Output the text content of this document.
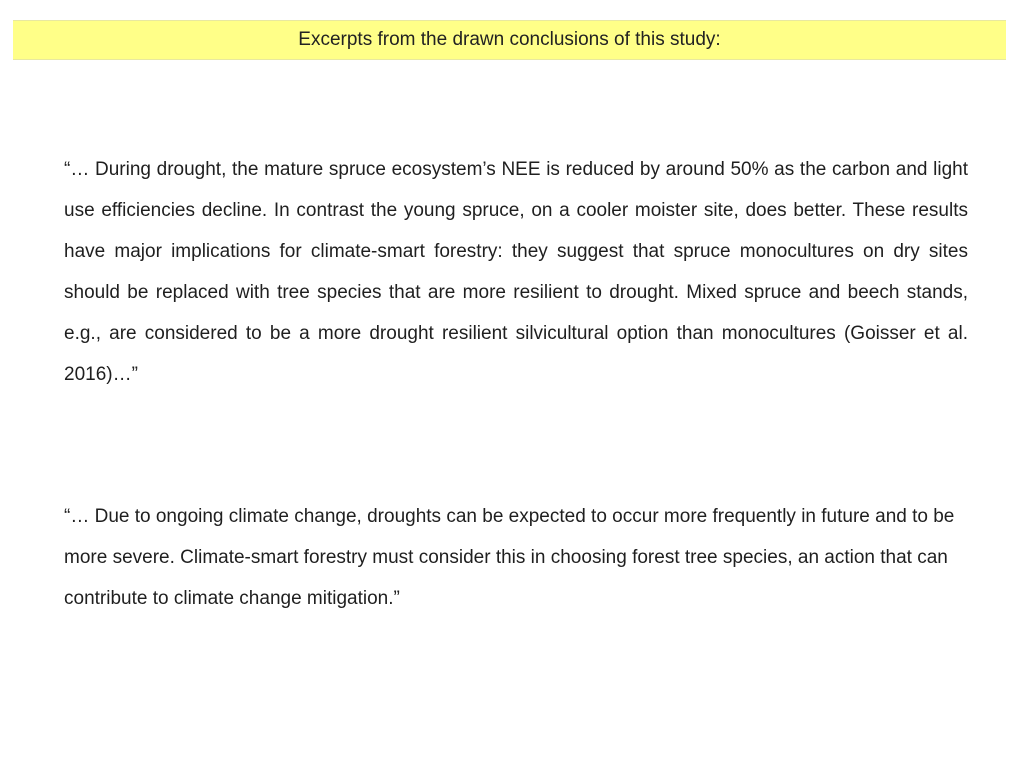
Excerpts from the drawn conclusions of this study:

“… During drought, the mature spruce ecosystem’s NEE is reduced by around 50% as the carbon and light use efficiencies decline. In contrast the young spruce, on a cooler moister site, does better. These results have major implications for climate-smart forestry: they suggest that spruce monocultures on dry sites should be replaced with tree species that are more resilient to drought. Mixed spruce and beech stands, e.g., are considered to be a more drought resilient silvicultural option than monocultures (Goisser et al. 2016)…”

“… Due to ongoing climate change, droughts can be expected to occur more frequently in future and to be more severe. Climate-smart forestry must consider this in choosing forest tree species, an action that can contribute to climate change mitigation.”
